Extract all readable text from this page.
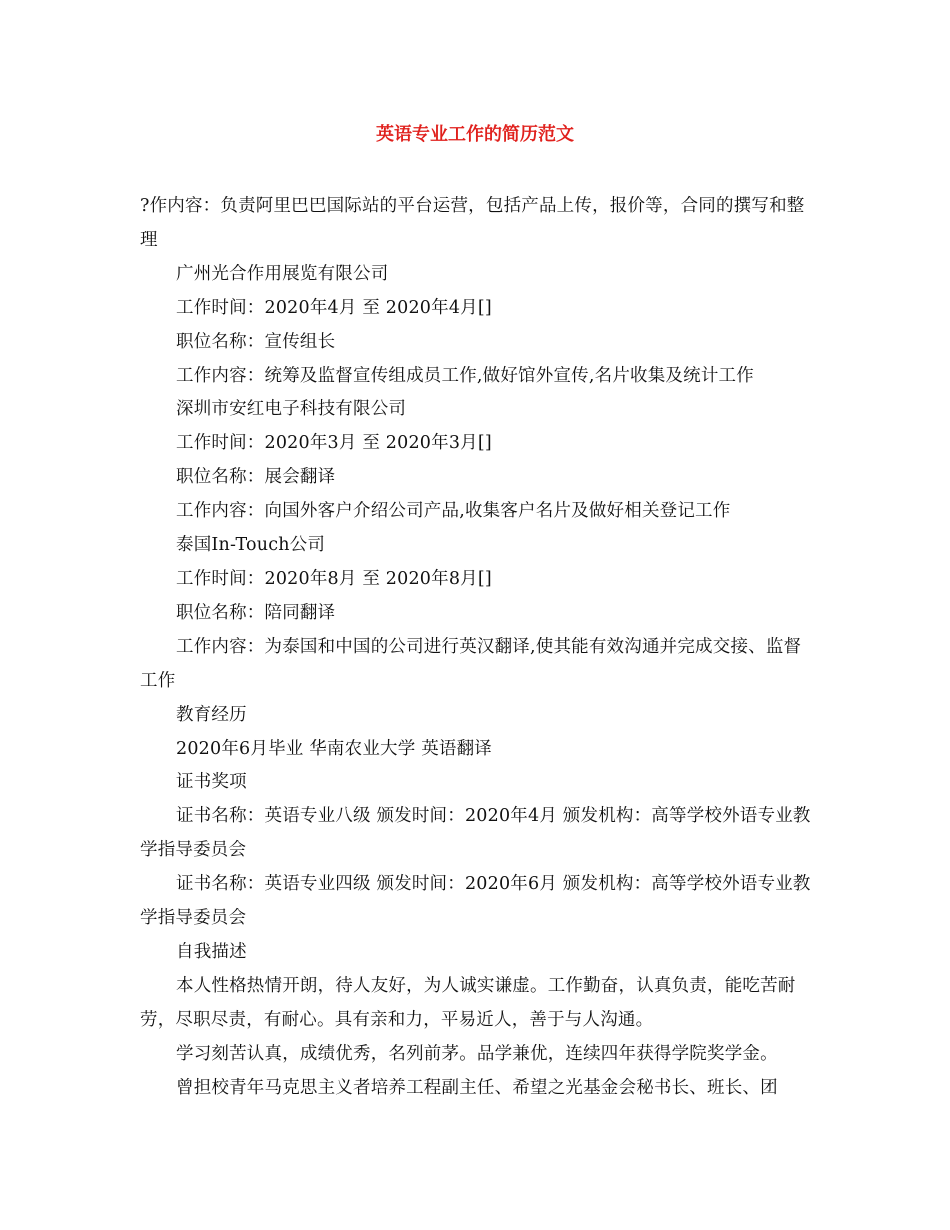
英语专业工作的简历范文

?作内容：负责阿里巴巴国际站的平台运营，包括产品上传，报价等，合同的撰写和整理

广州光合作用展览有限公司

工作时间：2020年4月 至 2020年4月[]

职位名称：宣传组长

工作内容：统筹及监督宣传组成员工作,做好馆外宣传,名片收集及统计工作

深圳市安红电子科技有限公司

工作时间：2020年3月 至 2020年3月[]

职位名称：展会翻译

工作内容：向国外客户介绍公司产品,收集客户名片及做好相关登记工作

泰国In-Touch公司

工作时间：2020年8月 至 2020年8月[]

职位名称：陪同翻译

工作内容：为泰国和中国的公司进行英汉翻译,使其能有效沟通并完成交接、监督工作

教育经历

2020年6月毕业 华南农业大学 英语翻译

证书奖项

证书名称：英语专业八级 颁发时间：2020年4月 颁发机构：高等学校外语专业教学指导委员会

证书名称：英语专业四级 颁发时间：2020年6月 颁发机构：高等学校外语专业教学指导委员会

自我描述

本人性格热情开朗，待人友好，为人诚实谦虚。工作勤奋，认真负责，能吃苦耐劳，尽职尽责，有耐心。具有亲和力，平易近人，善于与人沟通。

学习刻苦认真，成绩优秀，名列前茅。品学兼优，连续四年获得学院奖学金。

曾担校青年马克思主义者培养工程副主任、希望之光基金会秘书长、班长、团
